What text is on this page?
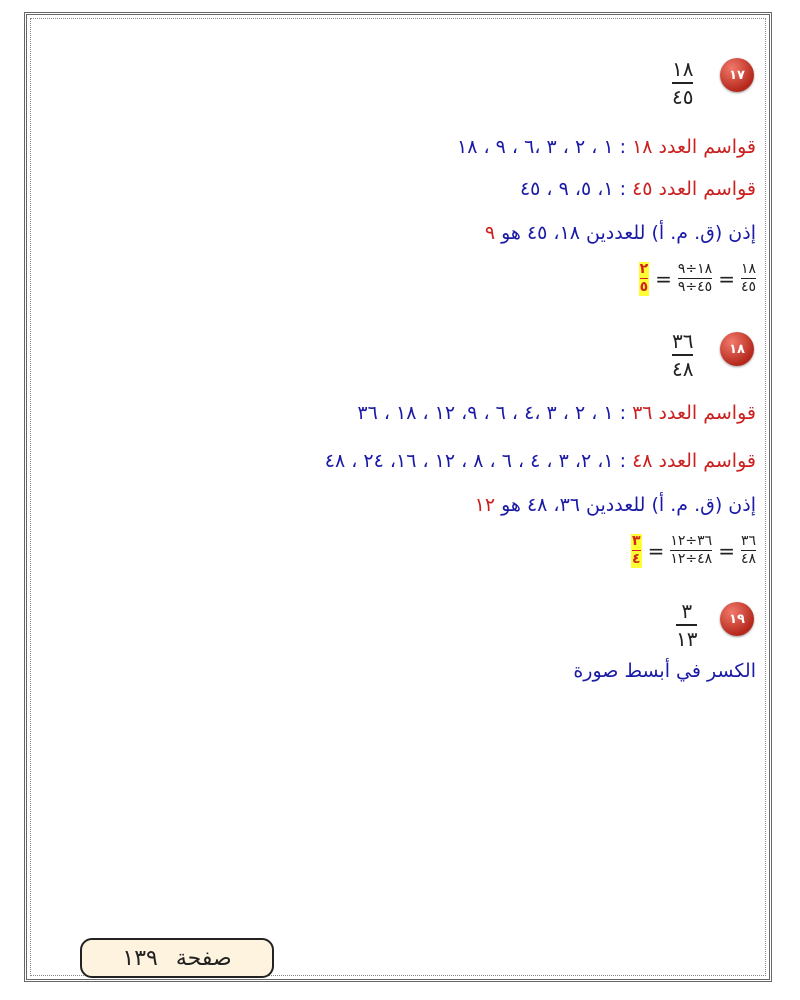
١٧
١٨
٤٥
قواسم العدد ١٨ : ١ ، ٢ ، ٣ ،٦ ، ٩ ، ١٨
قواسم العدد ٤٥ : ١، ٥، ٩ ، ٤٥
إذن (ق. م. أ) للعددين ١٨، ٤٥ هو ٩
١٨
٤٥
=
١٨÷٩
٤٥÷٩
=
٢
٥
١٨
٣٦
٤٨
قواسم العدد ٣٦ : ١ ، ٢ ، ٣ ،٤ ، ٦ ، ٩، ١٢ ، ١٨ ، ٣٦
قواسم العدد ٤٨ : ١، ٢، ٣ ، ٤ ، ٦ ، ٨ ، ١٢ ، ١٦، ٢٤ ، ٤٨
إذن (ق. م. أ) للعددين ٣٦، ٤٨ هو ١٢
٣٦
٤٨
=
٣٦÷١٢
٤٨÷١٢
=
٣
٤
١٩
٣
١٣
الكسر في أبسط صورة
صفحة
١٣٩
